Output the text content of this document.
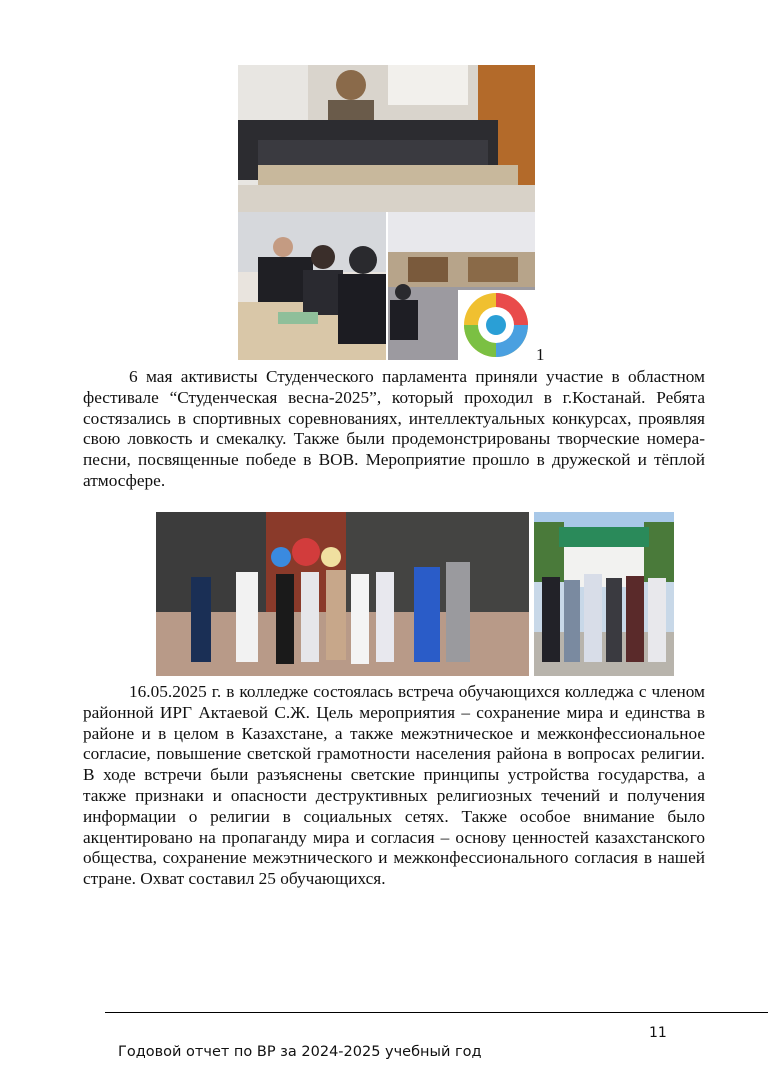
1

6 мая активисты Студенческого парламента приняли участие в областном фестивале “Студенческая весна-2025”, который проходил в г.Костанай. Ребята состязались в спортивных соревнованиях, интеллектуальных конкурсах, проявляя свою ловкость и смекалку. Также были продемонстрированы творческие номера- песни, посвященные победе в ВОВ. Мероприятие прошло в дружеской и тёплой атмосфере.

16.05.2025 г. в колледже состоялась встреча обучающихся колледжа с членом районной ИРГ Актаевой С.Ж. Цель мероприятия – сохранение мира и единства в районе и в целом в Казахстане, а также межэтническое и межконфессиональное согласие, повышение светской грамотности населения района в вопросах религии. В ходе встречи были разъяснены светские принципы устройства государства, а также признаки и опасности деструктивных религиозных течений и получения информации о религии в социальных сетях. Также особое внимание было акцентировано на пропаганду мира и согласия – основу ценностей казахстанского общества, сохранение межэтнического и межконфессионального согласия в нашей стране. Охват составил 25 обучающихся.

11
Годовой отчет по ВР за 2024-2025 учебный год
